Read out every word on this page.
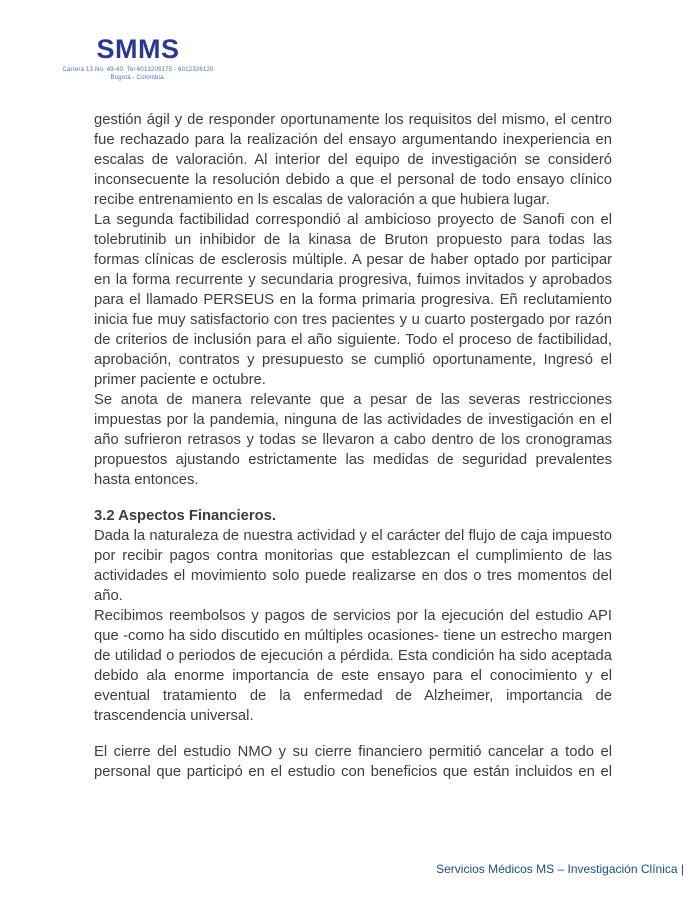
SMMS
Carrera 13 No. 49-40. Tel 6013205175 - 6012326120
Bogotá - Colombia.

gestión ágil y de responder oportunamente los requisitos del mismo, el centro fue rechazado para la realización del ensayo argumentando inexperiencia en escalas de valoración. Al interior del equipo de investigación se consideró inconsecuente la resolución debido a que el personal de todo ensayo clínico recibe entrenamiento en ls escalas de valoración a que hubiera lugar.

La segunda factibilidad correspondió al ambicioso proyecto de Sanofi con el tolebrutinib un inhibidor de la kinasa de Bruton propuesto para todas las formas clínicas de esclerosis múltiple. A pesar de haber optado por participar en la forma recurrente y secundaria progresiva, fuimos invitados y aprobados para el llamado PERSEUS en la forma primaria progresiva. Eñ reclutamiento inicia fue muy satisfactorio con tres pacientes y u cuarto postergado por razón de criterios de inclusión para el año siguiente. Todo el proceso de factibilidad, aprobación, contratos y presupuesto se cumplió oportunamente, Ingresó el primer paciente e octubre.

Se anota de manera relevante que a pesar de las severas restricciones impuestas por la pandemia, ninguna de las actividades de investigación en el año sufrieron retrasos y todas se llevaron a cabo dentro de los cronogramas propuestos ajustando estrictamente las medidas de seguridad prevalentes hasta entonces.

3.2 Aspectos Financieros.

Dada la naturaleza de nuestra actividad y el carácter del flujo de caja impuesto por recibir pagos contra monitorias que establezcan el cumplimiento de las actividades el movimiento solo puede realizarse en dos o tres momentos del año.

Recibimos reembolsos y pagos de servicios por la ejecución del estudio API que -como ha sido discutido en múltiples ocasiones- tiene un estrecho margen de utilidad o periodos de ejecución a pérdida. Esta condición ha sido aceptada debido ala enorme importancia de este ensayo para el conocimiento y el eventual tratamiento de la enfermedad de Alzheimer, importancia de trascendencia universal.

El cierre del estudio NMO y su cierre financiero permitió cancelar a todo el personal que participó en el estudio con beneficios que están incluidos en el

Servicios Médicos MS – Investigación Clínica |
